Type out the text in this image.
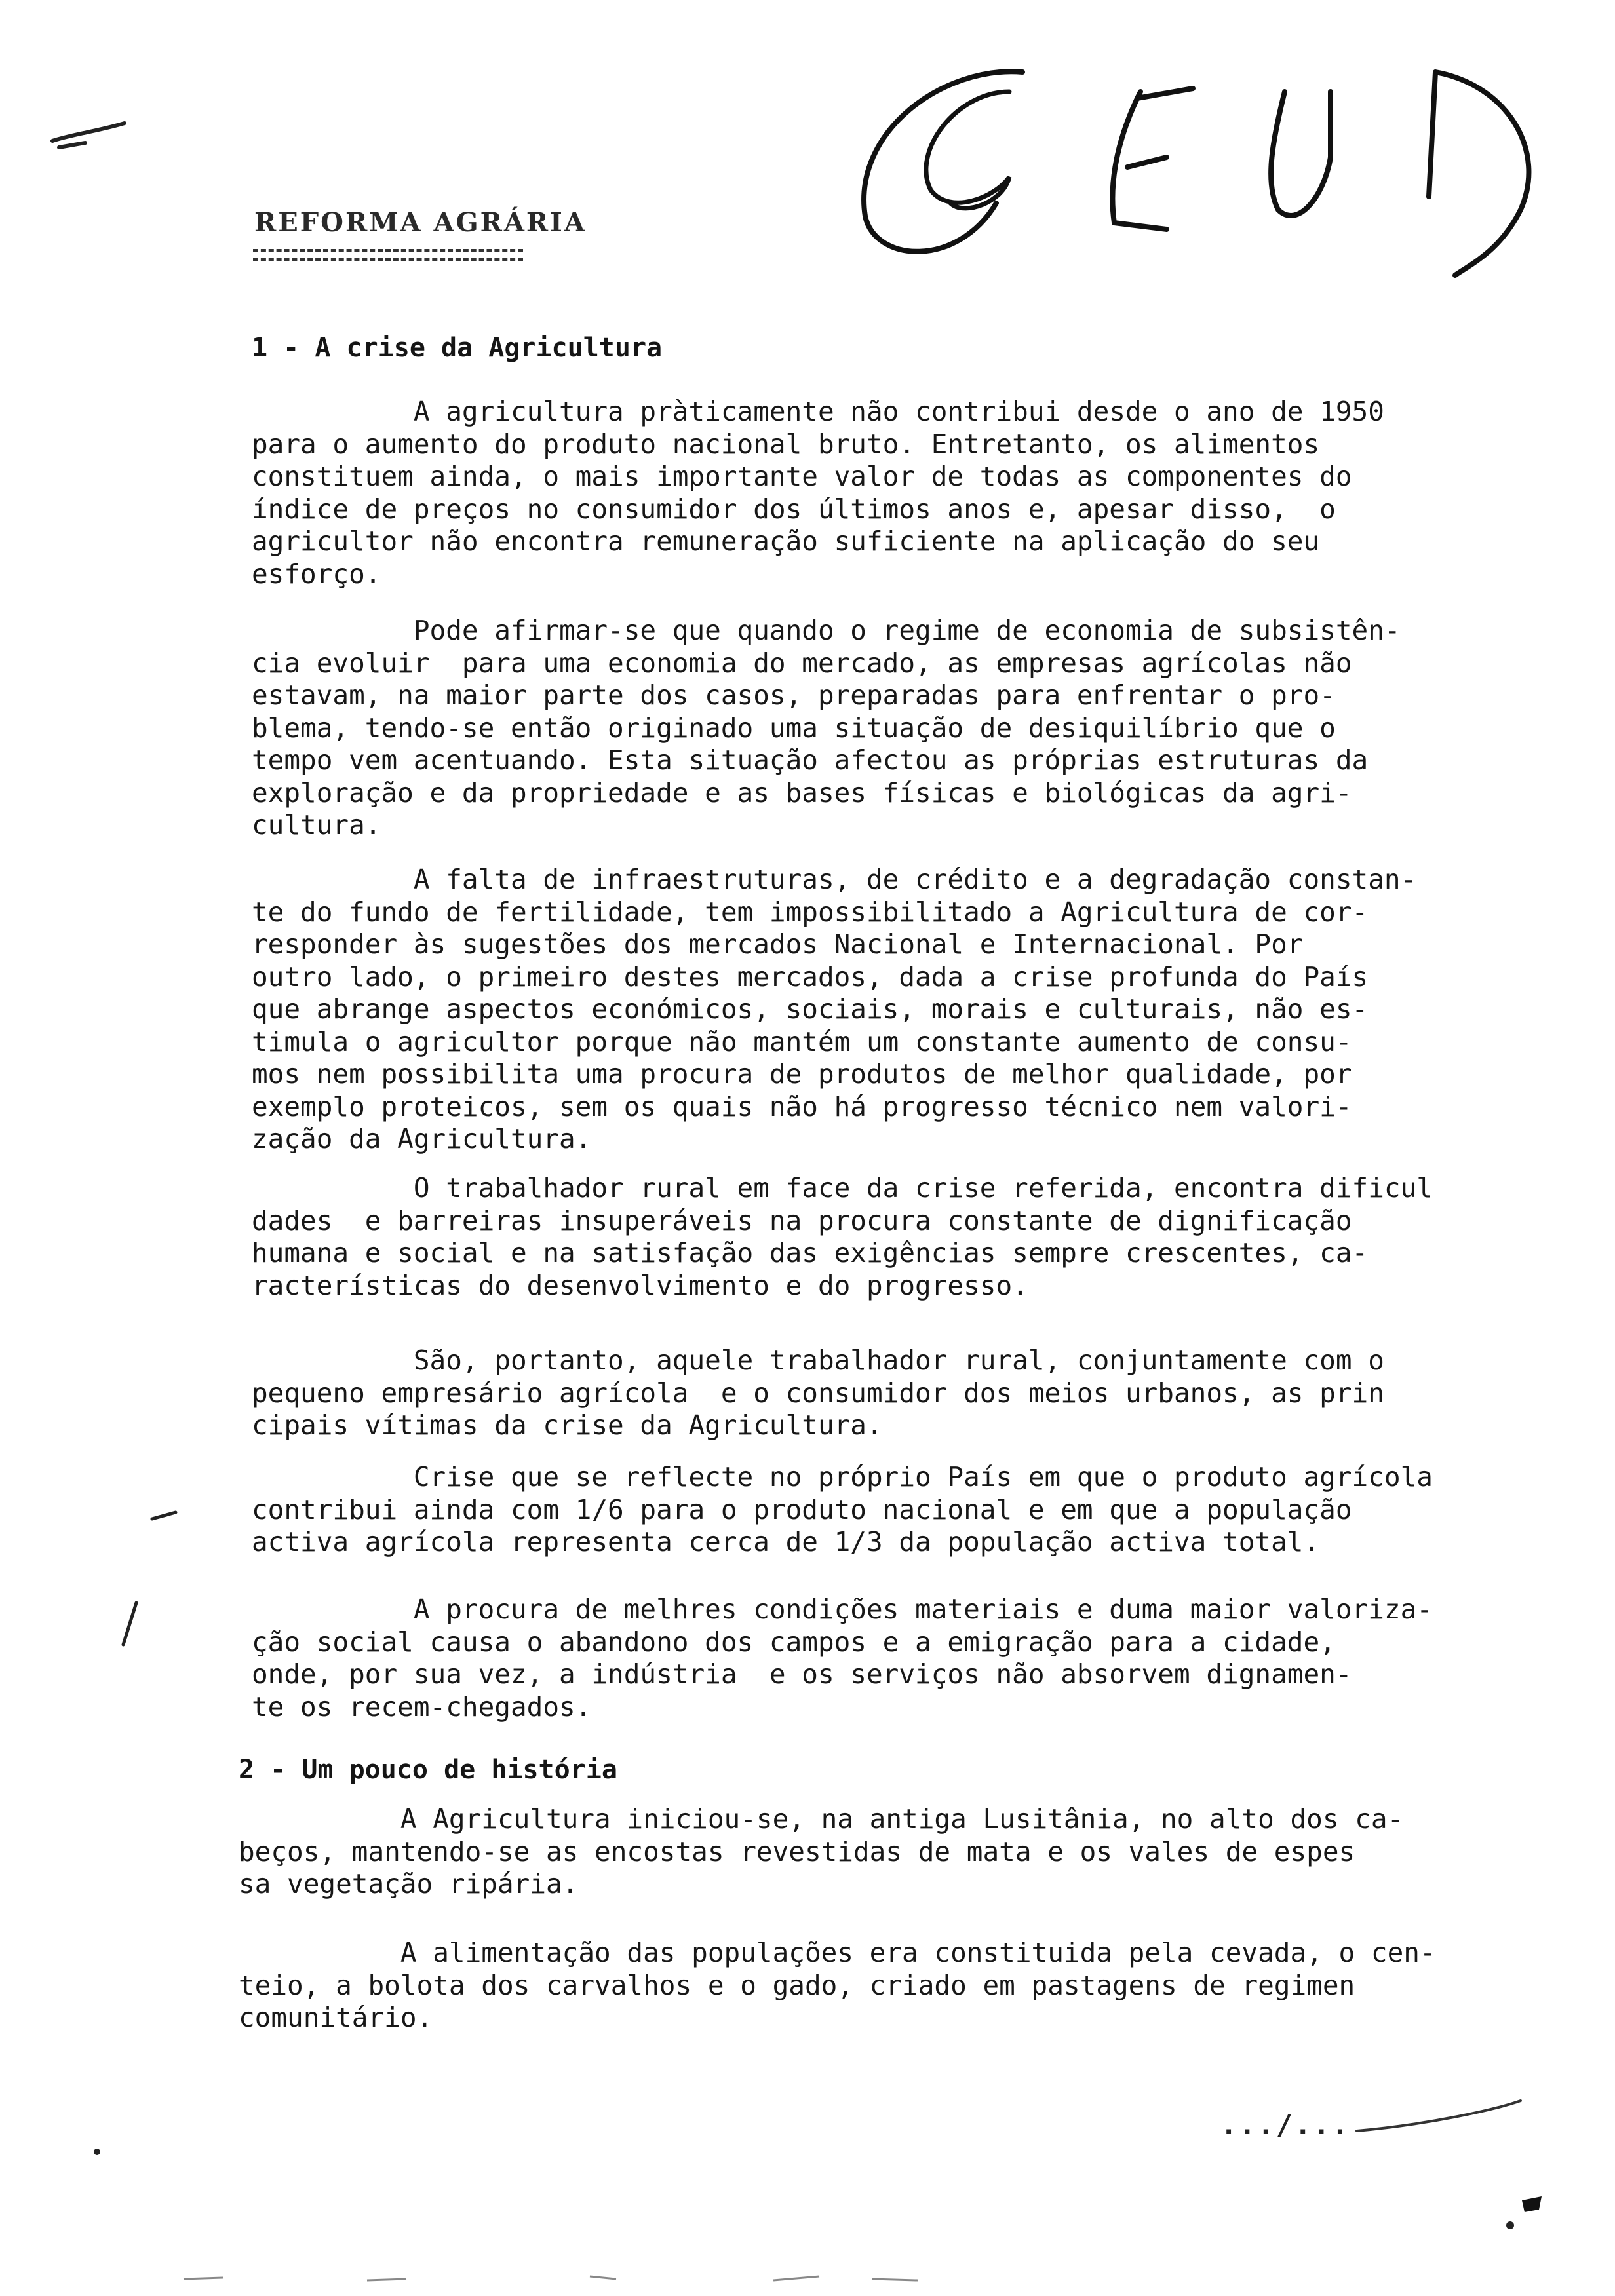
REFORMA AGRÁRIA
1 - A crise da Agricultura
A agricultura pràticamente não contribui desde o ano de 1950
para o aumento do produto nacional bruto. Entretanto, os alimentos
constituem ainda, o mais importante valor de todas as componentes do
índice de preços no consumidor dos últimos anos e, apesar disso,  o
agricultor não encontra remuneração suficiente na aplicação do seu
esforço.
Pode afirmar-se que quando o regime de economia de subsistên-
cia evoluir  para uma economia do mercado, as empresas agrícolas não
estavam, na maior parte dos casos, preparadas para enfrentar o pro-
blema, tendo-se então originado uma situação de desiquilíbrio que o
tempo vem acentuando. Esta situação afectou as próprias estruturas da
exploração e da propriedade e as bases físicas e biológicas da agri-
cultura.
A falta de infraestruturas, de crédito e a degradação constan-
te do fundo de fertilidade, tem impossibilitado a Agricultura de cor-
responder às sugestões dos mercados Nacional e Internacional. Por
outro lado, o primeiro destes mercados, dada a crise profunda do País
que abrange aspectos económicos, sociais, morais e culturais, não es-
timula o agricultor porque não mantém um constante aumento de consu-
mos nem possibilita uma procura de produtos de melhor qualidade, por
exemplo proteicos, sem os quais não há progresso técnico nem valori-
zação da Agricultura.
O trabalhador rural em face da crise referida, encontra dificul
dades  e barreiras insuperáveis na procura constante de dignificação
humana e social e na satisfação das exigências sempre crescentes, ca-
racterísticas do desenvolvimento e do progresso.
São, portanto, aquele trabalhador rural, conjuntamente com o
pequeno empresário agrícola  e o consumidor dos meios urbanos, as prin
cipais vítimas da crise da Agricultura.
Crise que se reflecte no próprio País em que o produto agrícola
contribui ainda com 1/6 para o produto nacional e em que a população
activa agrícola representa cerca de 1/3 da população activa total.
A procura de melhres condições materiais e duma maior valoriza-
ção social causa o abandono dos campos e a emigração para a cidade,
onde, por sua vez, a indústria  e os serviços não absorvem dignamen-
te os recem-chegados.
2 - Um pouco de história
A Agricultura iniciou-se, na antiga Lusitânia, no alto dos ca-
beços, mantendo-se as encostas revestidas de mata e os vales de espes
sa vegetação ripária.
A alimentação das populações era constituida pela cevada, o cen-
teio, a bolota dos carvalhos e o gado, criado em pastagens de regimen
comunitário.
.../...
